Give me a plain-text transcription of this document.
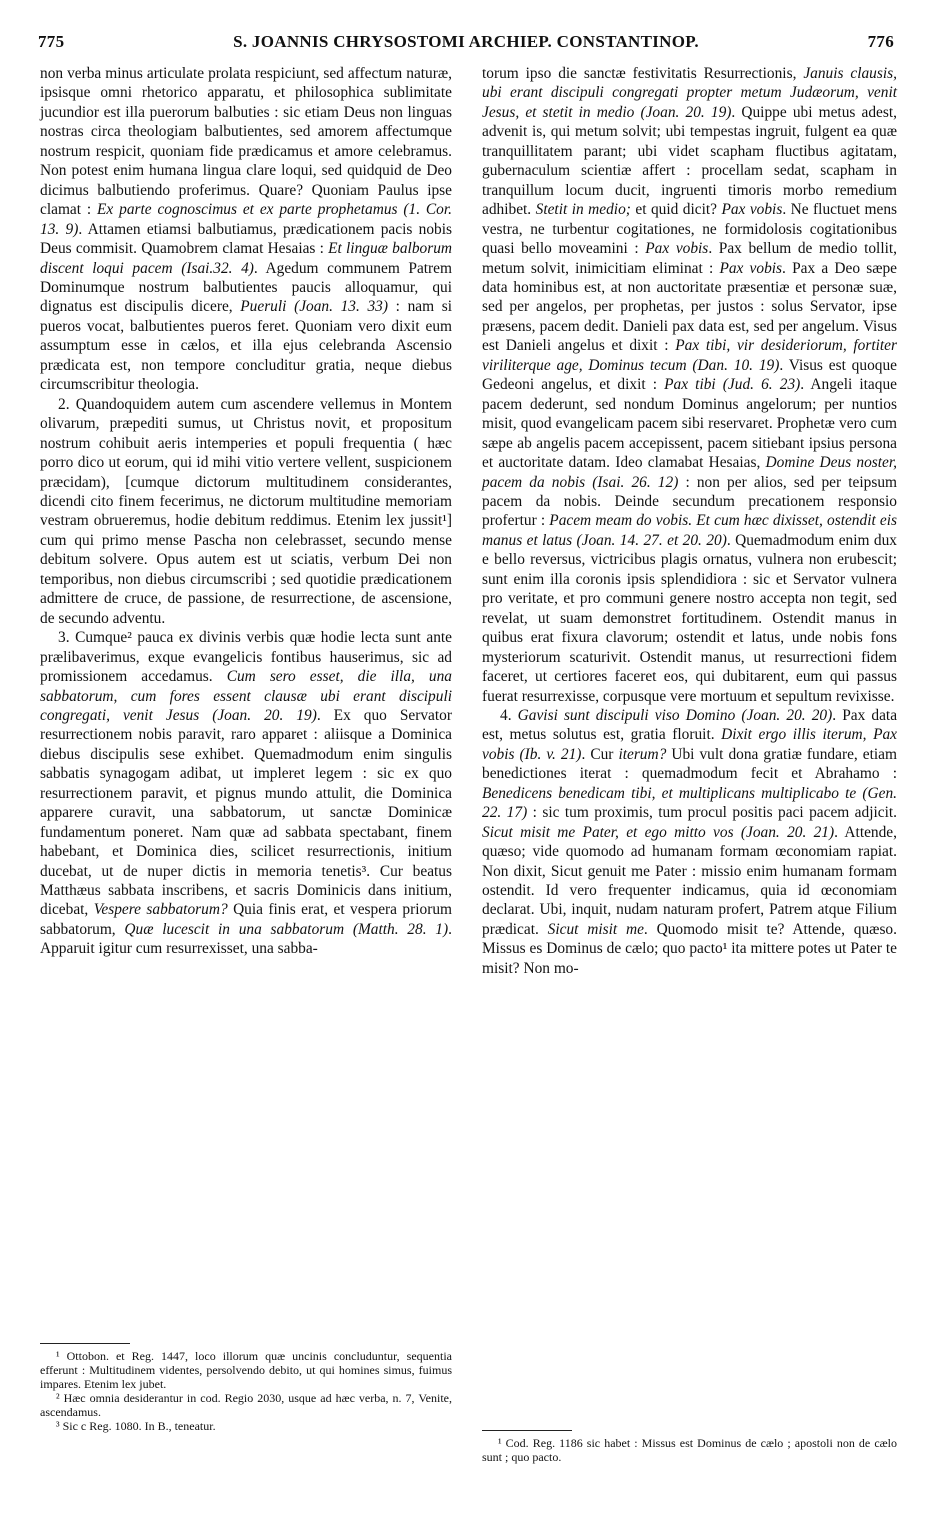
775	S. JOANNIS CHRYSOSTOMI ARCHIEP. CONSTANTINOP.	776

non verba minus articulate prolata respiciunt, sed affectum naturæ, ipsisque omni rhetorico apparatu, et philosophica sublimitate jucundior est illa puerorum balbuties : sic etiam Deus non linguas nostras circa theologiam balbutientes, sed amorem affectumque nostrum respicit, quoniam fide prædicamus et amore celebramus. Non potest enim humana lingua clare loqui, sed quidquid de Deo dicimus balbutiendo proferimus. Quare? Quoniam Paulus ipse clamat : Ex parte cognoscimus et ex parte prophetamus (1. Cor. 13. 9). Attamen etiamsi balbutiamus, prædicationem pacis nobis Deus commisit. Quamobrem clamat Hesaias : Et linguæ balborum discent loqui pacem (Isai.32. 4). Agedum communem Patrem Dominumque nostrum balbutientes paucis alloquamur, qui dignatus est discipulis dicere, Pueruli (Joan. 13. 33) : nam si pueros vocat, balbutientes pueros feret. Quoniam vero dixit eum assumptum esse in cælos, et illa ejus celebranda Ascensio prædicata est, non tempore concluditur gratia, neque diebus circumscribitur theologia.

2. Quandoquidem autem cum ascendere vellemus in Montem olivarum, præpediti sumus, ut Christus novit, et propositum nostrum cohibuit aeris intemperies et populi frequentia ( hæc porro dico ut eorum, qui id mihi vitio vertere vellent, suspicionem præcidam), [cumque dictorum multitudinem considerantes, dicendi cito finem fecerimus, ne dictorum multitudine memoriam vestram obrueremus, hodie debitum reddimus. Etenim lex jussit¹] cum qui primo mense Pascha non celebrasset, secundo mense debitum solvere. Opus autem est ut sciatis, verbum Dei non temporibus, non diebus circumscribi ; sed quotidie prædicationem admittere de cruce, de passione, de resurrectione, de ascensione, de secundo adventu.

3. Cumque² pauca ex divinis verbis quæ hodie lecta sunt ante prælibaverimus, exque evangelicis fontibus hauserimus, sic ad promissionem accedamus. Cum sero esset, die illa, una sabbatorum, cum fores essent clausæ ubi erant discipuli congregati, venit Jesus (Joan. 20. 19). Ex quo Servator resurrectionem nobis paravit, raro apparet : aliisque a Dominica diebus discipulis sese exhibet. Quemadmodum enim singulis sabbatis synagogam adibat, ut impleret legem : sic ex quo resurrectionem paravit, et pignus mundo attulit, die Dominica apparere curavit, una sabbatorum, ut sanctæ Dominicæ fundamentum poneret. Nam quæ ad sabbata spectabant, finem habebant, et Dominica dies, scilicet resurrectionis, initium ducebat, ut de nuper dictis in memoria tenetis³. Cur beatus Matthæus sabbata inscribens, et sacris Dominicis dans initium, dicebat, Vespere sabbatorum? Quia finis erat, et vespera priorum sabbatorum, Quæ lucescit in una sabbatorum (Matth. 28. 1). Apparuit igitur cum resurrexisset, una sabba-

¹ Ottobon. et Reg. 1447, loco illorum quæ uncinis concluduntur, sequentia efferunt : Multitudinem videntes, persolvendo debito, ut qui homines simus, fuimus impares. Etenim lex jubet.

² Hæc omnia desiderantur in cod. Regio 2030, usque ad hæc verba, n. 7, Venite, ascendamus.

³ Sic c Reg. 1080. In B., teneatur.

torum ipso die sanctæ festivitatis Resurrectionis, Januis clausis, ubi erant discipuli congregati propter metum Judæorum, venit Jesus, et stetit in medio (Joan. 20. 19). Quippe ubi metus adest, advenit is, qui metum solvit; ubi tempestas ingruit, fulgent ea quæ tranquillitatem parant; ubi videt scapham fluctibus agitatam, gubernaculum scientiæ affert : procellam sedat, scapham in tranquillum locum ducit, ingruenti timoris morbo remedium adhibet. Stetit in medio; et quid dicit? Pax vobis. Ne fluctuet mens vestra, ne turbentur cogitationes, ne formidolosis cogitationibus quasi bello moveamini : Pax vobis. Pax bellum de medio tollit, metum solvit, inimicitiam eliminat : Pax vobis. Pax a Deo sæpe data hominibus est, at non auctoritate præsentiæ et personæ suæ, sed per angelos, per prophetas, per justos : solus Servator, ipse præsens, pacem dedit. Danieli pax data est, sed per angelum. Visus est Danieli angelus et dixit : Pax tibi, vir desideriorum, fortiter viriliterque age, Dominus tecum (Dan. 10. 19). Visus est quoque Gedeoni angelus, et dixit : Pax tibi (Jud. 6. 23). Angeli itaque pacem dederunt, sed nondum Dominus angelorum; per nuntios misit, quod evangelicam pacem sibi reservaret. Prophetæ vero cum sæpe ab angelis pacem accepissent, pacem sitiebant ipsius persona et auctoritate datam. Ideo clamabat Hesaias, Domine Deus noster, pacem da nobis (Isai. 26. 12) : non per alios, sed per teipsum pacem da nobis. Deinde secundum precationem responsio profertur : Pacem meam do vobis. Et cum hæc dixisset, ostendit eis manus et latus (Joan. 14. 27. et 20. 20). Quemadmodum enim dux e bello reversus, victricibus plagis ornatus, vulnera non erubescit; sunt enim illa coronis ipsis splendidiora : sic et Servator vulnera pro veritate, et pro communi genere nostro accepta non tegit, sed revelat, ut suam demonstret fortitudinem. Ostendit manus in quibus erat fixura clavorum; ostendit et latus, unde nobis fons mysteriorum scaturivit. Ostendit manus, ut resurrectioni fidem faceret, ut certiores faceret eos, qui dubitarent, eum qui passus fuerat resurrexisse, corpusque vere mortuum et sepultum revixisse.

4. Gavisi sunt discipuli viso Domino (Joan. 20. 20). Pax data est, metus solutus est, gratia floruit. Dixit ergo illis iterum, Pax vobis (Ib. v. 21). Cur iterum? Ubi vult dona gratiæ fundare, etiam benedictiones iterat : quemadmodum fecit et Abrahamo : Benedicens benedicam tibi, et multiplicans multiplicabo te (Gen. 22. 17) : sic tum proximis, tum procul positis paci pacem adjicit. Sicut misit me Pater, et ego mitto vos (Joan. 20. 21). Attende, quæso; vide quomodo ad humanam formam œconomiam rapiat. Non dixit, Sicut genuit me Pater : missio enim humanam formam ostendit. Id vero frequenter indicamus, quia id œconomiam declarat. Ubi, inquit, nudam naturam profert, Patrem atque Filium prædicat. Sicut misit me. Quomodo misit te? Attende, quæso. Missus es Dominus de cælo; quo pacto¹ ita mittere potes ut Pater te misit? Non mo-

¹ Cod. Reg. 1186 sic habet : Missus est Dominus de cælo ; apostoli non de cælo sunt ; quo pacto.
